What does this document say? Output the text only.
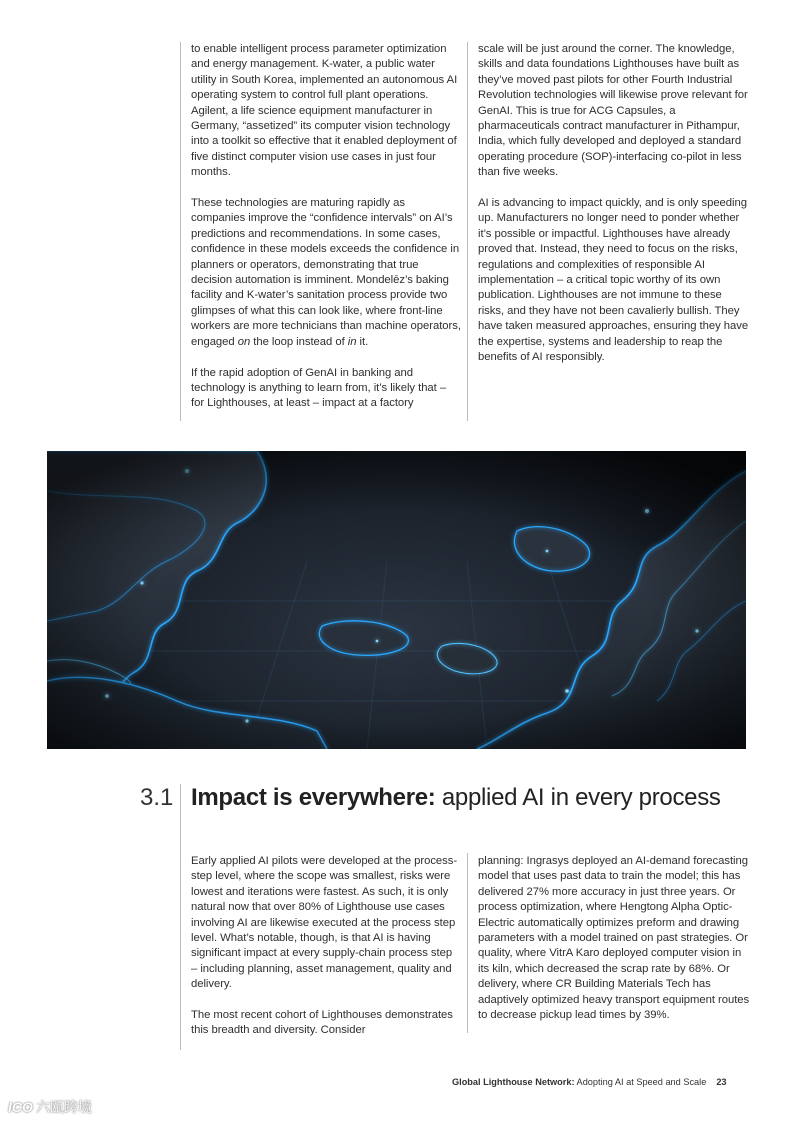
to enable intelligent process parameter optimization and energy management. K-water, a public water utility in South Korea, implemented an autonomous AI operating system to control full plant operations. Agilent, a life science equipment manufacturer in Germany, “assetized” its computer vision technology into a toolkit so effective that it enabled deployment of five distinct computer vision use cases in just four months.

These technologies are maturing rapidly as companies improve the “confidence intervals” on AI’s predictions and recommendations. In some cases, confidence in these models exceeds the confidence in planners or operators, demonstrating that true decision automation is imminent. Mondelēz’s baking facility and K-water’s sanitation process provide two glimpses of what this can look like, where front-line workers are more technicians than machine operators, engaged on the loop instead of in it.

If the rapid adoption of GenAI in banking and technology is anything to learn from, it’s likely that – for Lighthouses, at least – impact at a factory

scale will be just around the corner. The knowledge, skills and data foundations Lighthouses have built as they’ve moved past pilots for other Fourth Industrial Revolution technologies will likewise prove relevant for GenAI. This is true for ACG Capsules, a pharmaceuticals contract manufacturer in Pithampur, India, which fully developed and deployed a standard operating procedure (SOP)-interfacing co-pilot in less than five weeks.

AI is advancing to impact quickly, and is only speeding up. Manufacturers no longer need to ponder whether it’s possible or impactful. Lighthouses have already proved that. Instead, they need to focus on the risks, regulations and complexities of responsible AI implementation – a critical topic worthy of its own publication. Lighthouses are not immune to these risks, and they have not been cavalierly bullish. They have taken measured approaches, ensuring they have the expertise, systems and leadership to reap the benefits of AI responsibly.

3.1 Impact is everywhere: applied AI in every process

Early applied AI pilots were developed at the process-step level, where the scope was smallest, risks were lowest and iterations were fastest. As such, it is only natural now that over 80% of Lighthouse use cases involving AI are likewise executed at the process step level. What’s notable, though, is that AI is having significant impact at every supply-chain process step – including planning, asset management, quality and delivery.

The most recent cohort of Lighthouses demonstrates this breadth and diversity. Consider

planning: Ingrasys deployed an AI-demand forecasting model that uses past data to train the model; this has delivered 27% more accuracy in just three years. Or process optimization, where Hengtong Alpha Optic-Electric automatically optimizes preform and drawing parameters with a model trained on past strategies. Or quality, where VitrA Karo deployed computer vision in its kiln, which decreased the scrap rate by 68%. Or delivery, where CR Building Materials Tech has adaptively optimized heavy transport equipment routes to decrease pickup lead times by 39%.

Global Lighthouse Network: Adopting AI at Speed and Scale 23
ICO 六瓯跨境
